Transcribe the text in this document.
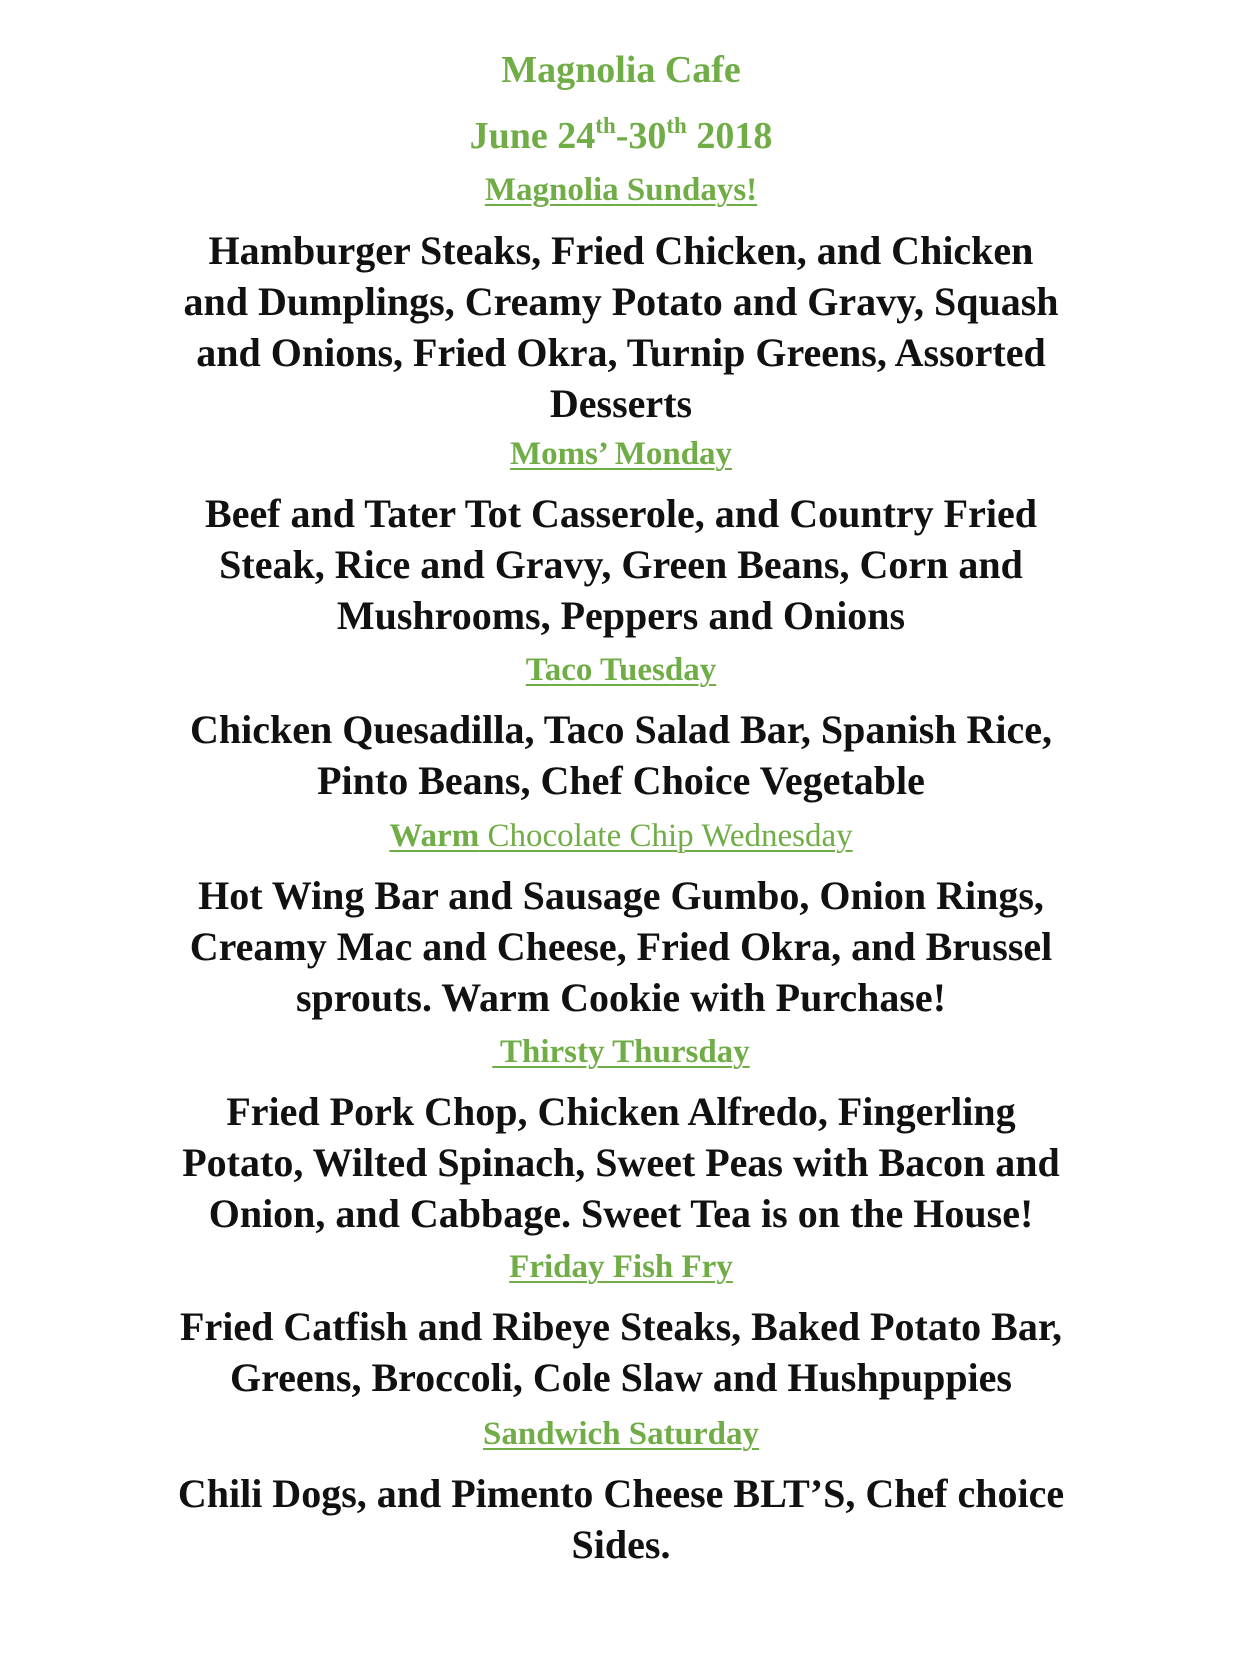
Magnolia Cafe
June 24th-30th 2018
Magnolia Sundays!
Hamburger Steaks, Fried Chicken, and Chicken
and Dumplings, Creamy Potato and Gravy, Squash
and Onions, Fried Okra, Turnip Greens, Assorted
Desserts
Moms’ Monday
Beef and Tater Tot Casserole, and Country Fried
Steak, Rice and Gravy, Green Beans, Corn and
Mushrooms, Peppers and Onions
Taco Tuesday
Chicken Quesadilla, Taco Salad Bar, Spanish Rice,
Pinto Beans, Chef Choice Vegetable
Warm Chocolate Chip Wednesday
Hot Wing Bar and Sausage Gumbo, Onion Rings,
Creamy Mac and Cheese, Fried Okra, and Brussel
sprouts. Warm Cookie with Purchase!
Thirsty Thursday
Fried Pork Chop, Chicken Alfredo, Fingerling
Potato, Wilted Spinach, Sweet Peas with Bacon and
Onion, and Cabbage. Sweet Tea is on the House!
Friday Fish Fry
Fried Catfish and Ribeye Steaks, Baked Potato Bar,
Greens, Broccoli, Cole Slaw and Hushpuppies
Sandwich Saturday
Chili Dogs, and Pimento Cheese BLT’S, Chef choice
Sides.
